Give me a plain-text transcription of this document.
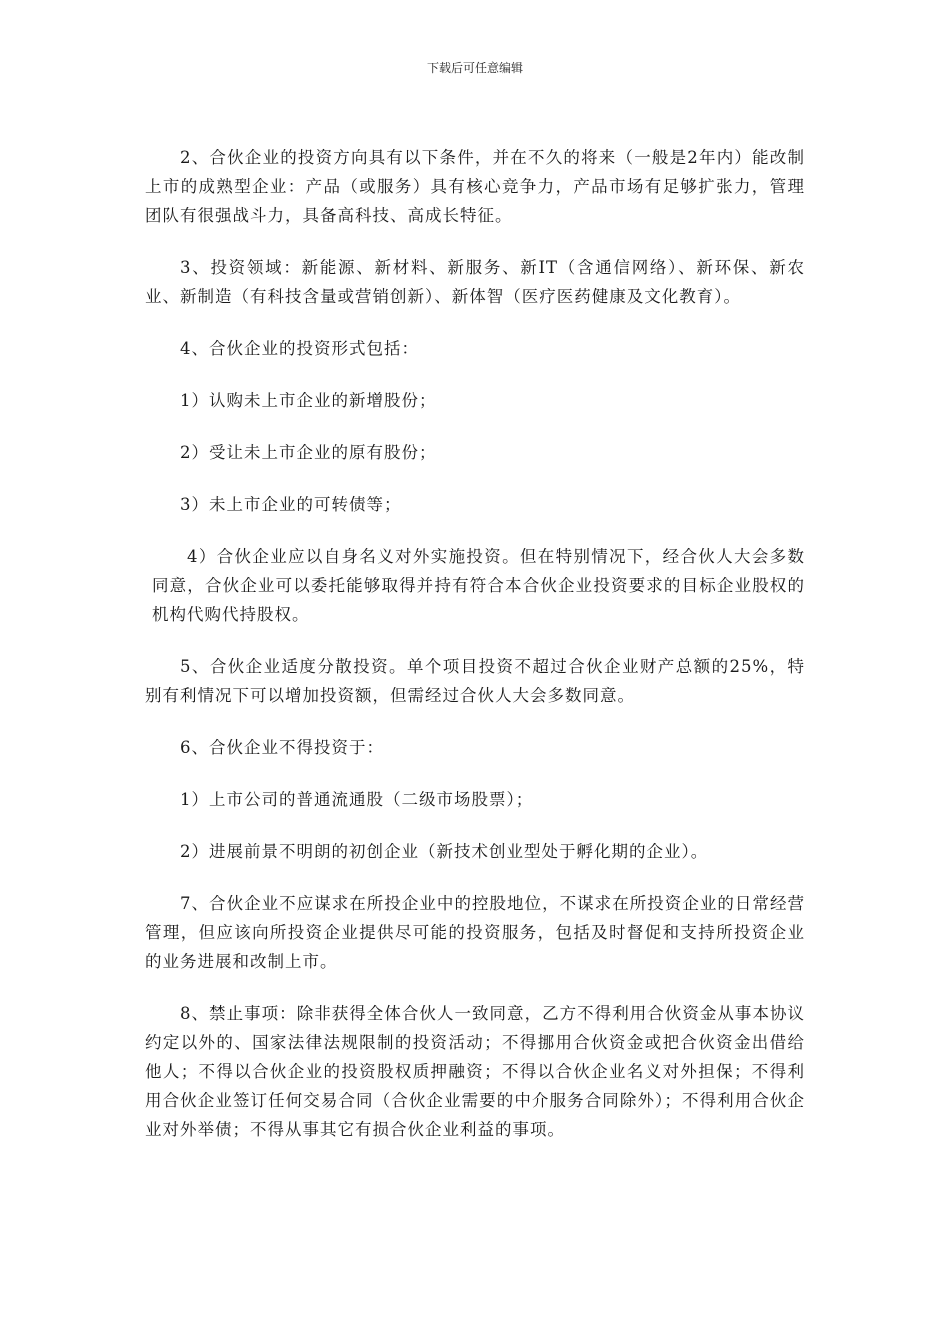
下载后可任意编辑

2、合伙企业的投资方向具有以下条件，并在不久的将来（一般是2年内）能改制上市的成熟型企业：产品（或服务）具有核心竞争力，产品市场有足够扩张力，管理团队有很强战斗力，具备高科技、高成长特征。

3、投资领域：新能源、新材料、新服务、新IT（含通信网络）、新环保、新农业、新制造（有科技含量或营销创新）、新体智（医疗医药健康及文化教育）。

4、合伙企业的投资形式包括：

1）认购未上市企业的新增股份；

2）受让未上市企业的原有股份；

3）未上市企业的可转债等；

4）合伙企业应以自身名义对外实施投资。但在特别情况下，经合伙人大会多数同意，合伙企业可以委托能够取得并持有符合本合伙企业投资要求的目标企业股权的机构代购代持股权。

5、合伙企业适度分散投资。单个项目投资不超过合伙企业财产总额的25%，特别有利情况下可以增加投资额，但需经过合伙人大会多数同意。

6、合伙企业不得投资于：

1）上市公司的普通流通股（二级市场股票）；

2）进展前景不明朗的初创企业（新技术创业型处于孵化期的企业）。

7、合伙企业不应谋求在所投企业中的控股地位，不谋求在所投资企业的日常经营管理，但应该向所投资企业提供尽可能的投资服务，包括及时督促和支持所投资企业的业务进展和改制上市。

8、禁止事项：除非获得全体合伙人一致同意，乙方不得利用合伙资金从事本协议约定以外的、国家法律法规限制的投资活动；不得挪用合伙资金或把合伙资金出借给他人；不得以合伙企业的投资股权质押融资；不得以合伙企业名义对外担保；不得利用合伙企业签订任何交易合同（合伙企业需要的中介服务合同除外）；不得利用合伙企业对外举债；不得从事其它有损合伙企业利益的事项。
